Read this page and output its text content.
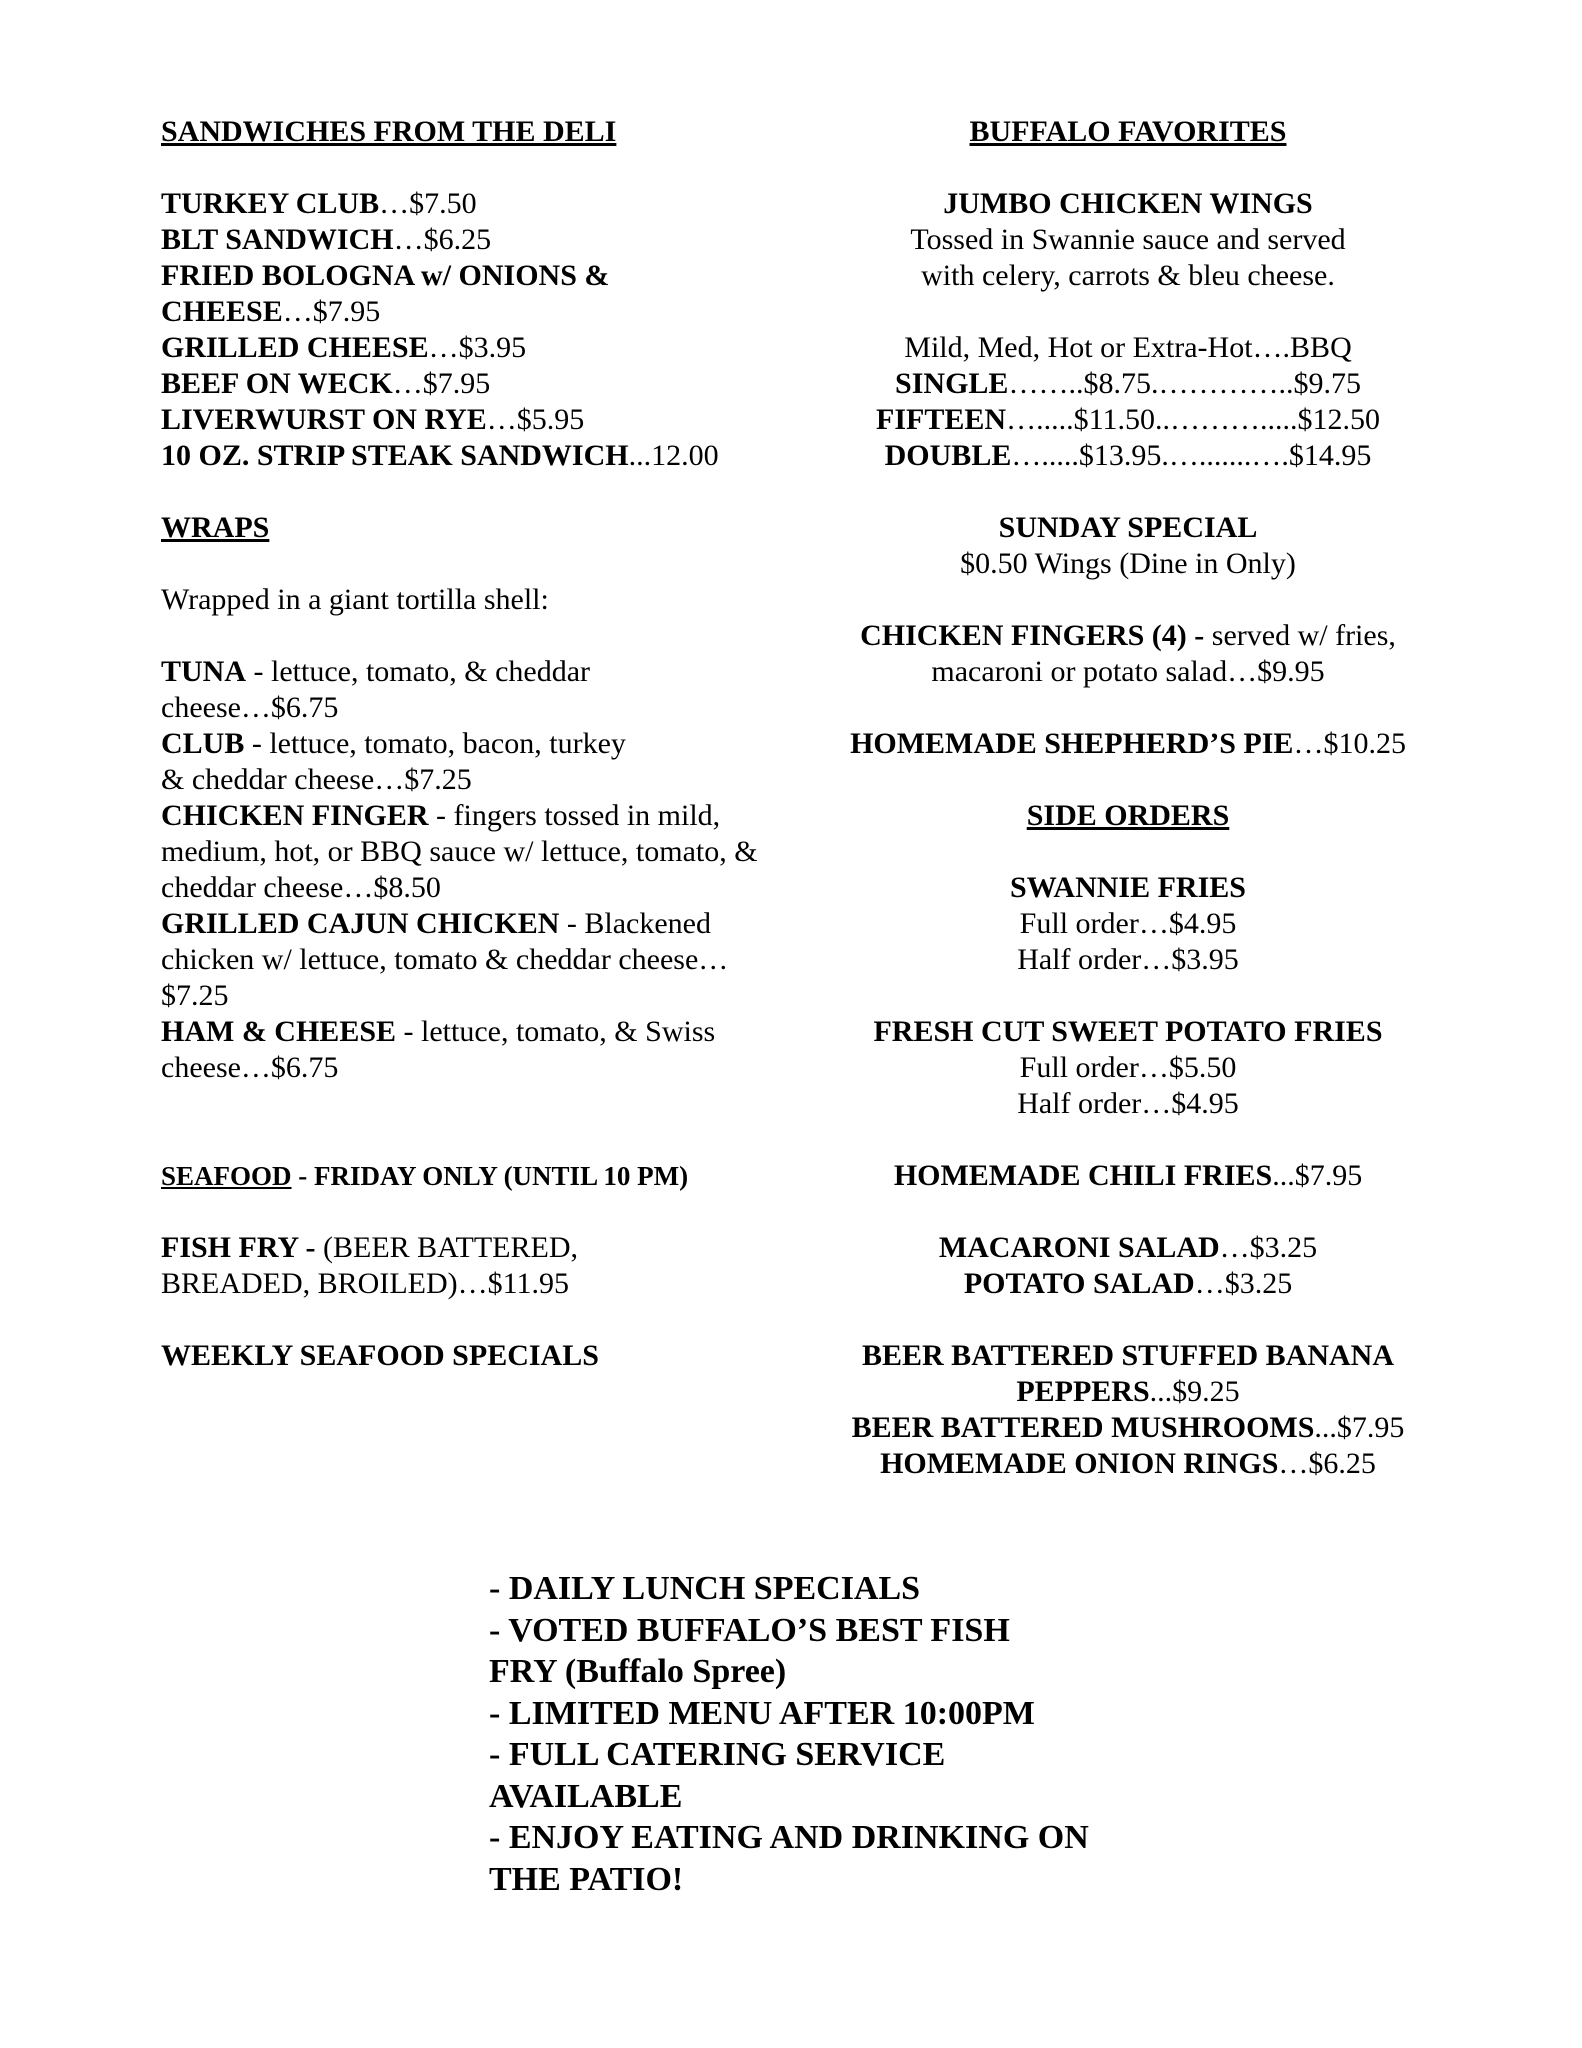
SANDWICHES FROM THE DELI

TURKEY CLUB…$7.50

BLT SANDWICH…$6.25

FRIED BOLOGNA w/ ONIONS & CHEESE…$7.95

GRILLED CHEESE…$3.95

BEEF ON WECK…$7.95

LIVERWURST ON RYE…$5.95

10 OZ. STRIP STEAK SANDWICH...12.00

WRAPS

Wrapped in a giant tortilla shell:

TUNA - lettuce, tomato, & cheddar cheese…$6.75

CLUB - lettuce, tomato, bacon, turkey & cheddar cheese…$7.25

CHICKEN FINGER - fingers tossed in mild, medium, hot, or BBQ sauce w/ lettuce, tomato, & cheddar cheese…$8.50

GRILLED CAJUN CHICKEN - Blackened chicken w/ lettuce, tomato & cheddar cheese…$7.25

HAM & CHEESE - lettuce, tomato, & Swiss cheese…$6.75

SEAFOOD - FRIDAY ONLY (UNTIL 10 PM)

FISH FRY - (BEER BATTERED, BREADED, BROILED)…$11.95

WEEKLY SEAFOOD SPECIALS

BUFFALO FAVORITES

JUMBO CHICKEN WINGS

Tossed in Swannie sauce and served with celery, carrots & bleu cheese.

Mild, Med, Hot or Extra-Hot….BBQ

SINGLE……..$8.75.…………..$9.75

FIFTEEN….....$11.50..……….....$12.50

DOUBLE….....$13.95.….......….$14.95

SUNDAY SPECIAL

$0.50 Wings (Dine in Only)

CHICKEN FINGERS (4) - served w/ fries, macaroni or potato salad…$9.95

HOMEMADE SHEPHERD’S PIE…$10.25

SIDE ORDERS

SWANNIE FRIES

Full order…$4.95

Half order…$3.95

FRESH CUT SWEET POTATO FRIES

Full order…$5.50

Half order…$4.95

HOMEMADE CHILI FRIES...$7.95

MACARONI SALAD…$3.25

POTATO SALAD…$3.25

BEER BATTERED STUFFED BANANA PEPPERS...$9.25

BEER BATTERED MUSHROOMS...$7.95

HOMEMADE ONION RINGS…$6.25

- DAILY LUNCH SPECIALS

- VOTED BUFFALO’S BEST FISH FRY (Buffalo Spree)

- LIMITED MENU AFTER 10:00PM

- FULL CATERING SERVICE AVAILABLE

- ENJOY EATING AND DRINKING ON THE PATIO!
